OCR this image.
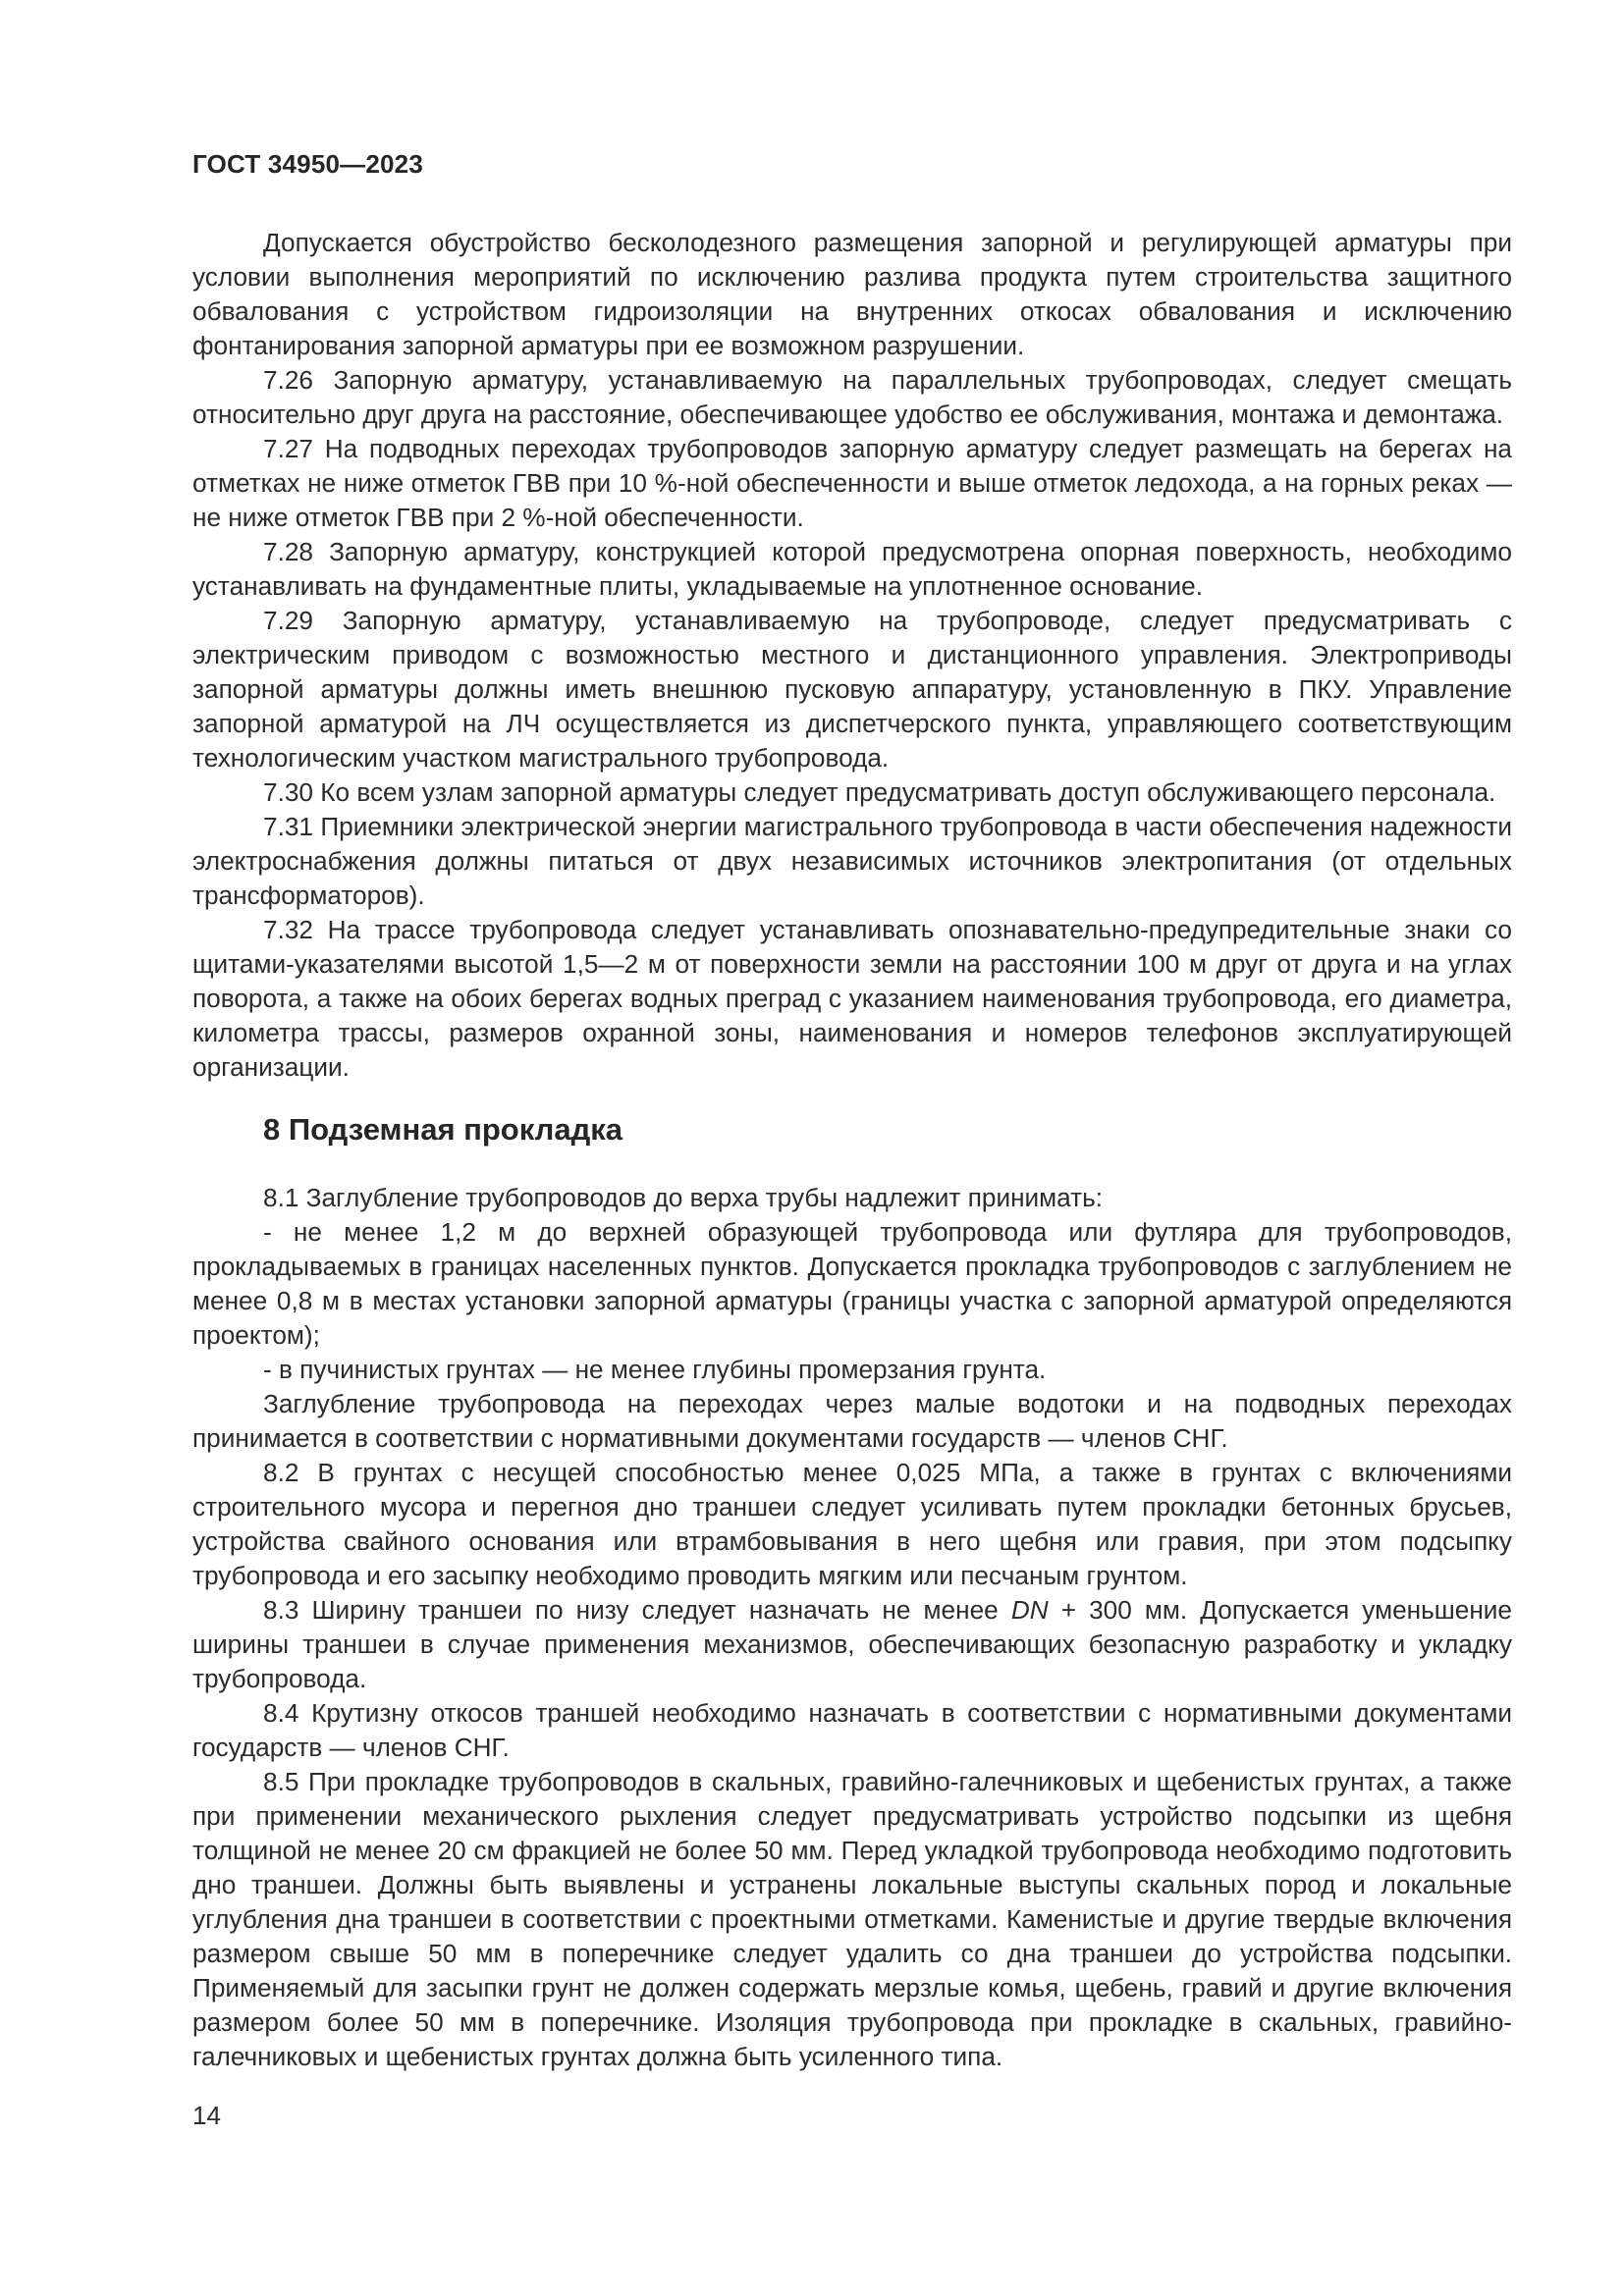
ГОСТ 34950—2023

Допускается обустройство бесколодезного размещения запорной и регулирующей арматуры при условии выполнения мероприятий по исключению разлива продукта путем строительства защитного обвалования с устройством гидроизоляции на внутренних откосах обвалования и исключению фонтанирования запорной арматуры при ее возможном разрушении.

7.26 Запорную арматуру, устанавливаемую на параллельных трубопроводах, следует смещать относительно друг друга на расстояние, обеспечивающее удобство ее обслуживания, монтажа и демонтажа.

7.27 На подводных переходах трубопроводов запорную арматуру следует размещать на берегах на отметках не ниже отметок ГВВ при 10 %-ной обеспеченности и выше отметок ледохода, а на горных реках — не ниже отметок ГВВ при 2 %-ной обеспеченности.

7.28 Запорную арматуру, конструкцией которой предусмотрена опорная поверхность, необходимо устанавливать на фундаментные плиты, укладываемые на уплотненное основание.

7.29 Запорную арматуру, устанавливаемую на трубопроводе, следует предусматривать с электрическим приводом с возможностью местного и дистанционного управления. Электроприводы запорной арматуры должны иметь внешнюю пусковую аппаратуру, установленную в ПКУ. Управление запорной арматурой на ЛЧ осуществляется из диспетчерского пункта, управляющего соответствующим технологическим участком магистрального трубопровода.

7.30 Ко всем узлам запорной арматуры следует предусматривать доступ обслуживающего персонала.

7.31 Приемники электрической энергии магистрального трубопровода в части обеспечения надежности электроснабжения должны питаться от двух независимых источников электропитания (от отдельных трансформаторов).

7.32 На трассе трубопровода следует устанавливать опознавательно-предупредительные знаки со щитами-указателями высотой 1,5—2 м от поверхности земли на расстоянии 100 м друг от друга и на углах поворота, а также на обоих берегах водных преград с указанием наименования трубопровода, его диаметра, километра трассы, размеров охранной зоны, наименования и номеров телефонов эксплуатирующей организации.

8 Подземная прокладка

8.1 Заглубление трубопроводов до верха трубы надлежит принимать:

- не менее 1,2 м до верхней образующей трубопровода или футляра для трубопроводов, прокладываемых в границах населенных пунктов. Допускается прокладка трубопроводов с заглублением не менее 0,8 м в местах установки запорной арматуры (границы участка с запорной арматурой определяются проектом);

- в пучинистых грунтах — не менее глубины промерзания грунта.

Заглубление трубопровода на переходах через малые водотоки и на подводных переходах принимается в соответствии с нормативными документами государств — членов СНГ.

8.2 В грунтах с несущей способностью менее 0,025 МПа, а также в грунтах с включениями строительного мусора и перегноя дно траншеи следует усиливать путем прокладки бетонных брусьев, устройства свайного основания или втрамбовывания в него щебня или гравия, при этом подсыпку трубопровода и его засыпку необходимо проводить мягким или песчаным грунтом.

8.3 Ширину траншеи по низу следует назначать не менее DN + 300 мм. Допускается уменьшение ширины траншеи в случае применения механизмов, обеспечивающих безопасную разработку и укладку трубопровода.

8.4 Крутизну откосов траншей необходимо назначать в соответствии с нормативными документами государств — членов СНГ.

8.5 При прокладке трубопроводов в скальных, гравийно-галечниковых и щебенистых грунтах, а также при применении механического рыхления следует предусматривать устройство подсыпки из щебня толщиной не менее 20 см фракцией не более 50 мм. Перед укладкой трубопровода необходимо подготовить дно траншеи. Должны быть выявлены и устранены локальные выступы скальных пород и локальные углубления дна траншеи в соответствии с проектными отметками. Каменистые и другие твердые включения размером свыше 50 мм в поперечнике следует удалить со дна траншеи до устройства подсыпки. Применяемый для засыпки грунт не должен содержать мерзлые комья, щебень, гравий и другие включения размером более 50 мм в поперечнике. Изоляция трубопровода при прокладке в скальных, гравийно-галечниковых и щебенистых грунтах должна быть усиленного типа.

14
